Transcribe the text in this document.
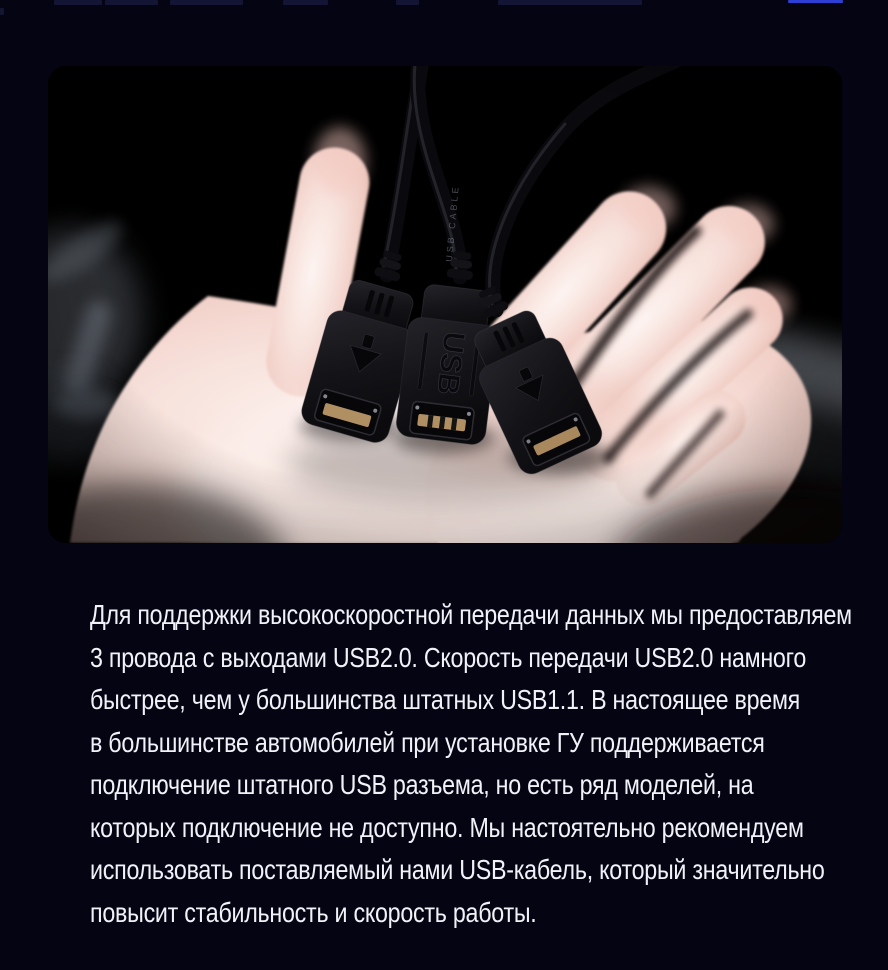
Для поддержки высокоскоростной передачи данных мы предоставляем
3 провода с выходами USB2.0. Скорость передачи USB2.0 намного
быстрее, чем у большинства штатных USB1.1. В настоящее время
в большинстве автомобилей при установке ГУ поддерживается
подключение штатного USB разъема, но есть ряд моделей, на
которых подключение не доступно. Мы настоятельно рекомендуем
использовать поставляемый нами USB-кабель, который значительно
повысит стабильность и скорость работы.
